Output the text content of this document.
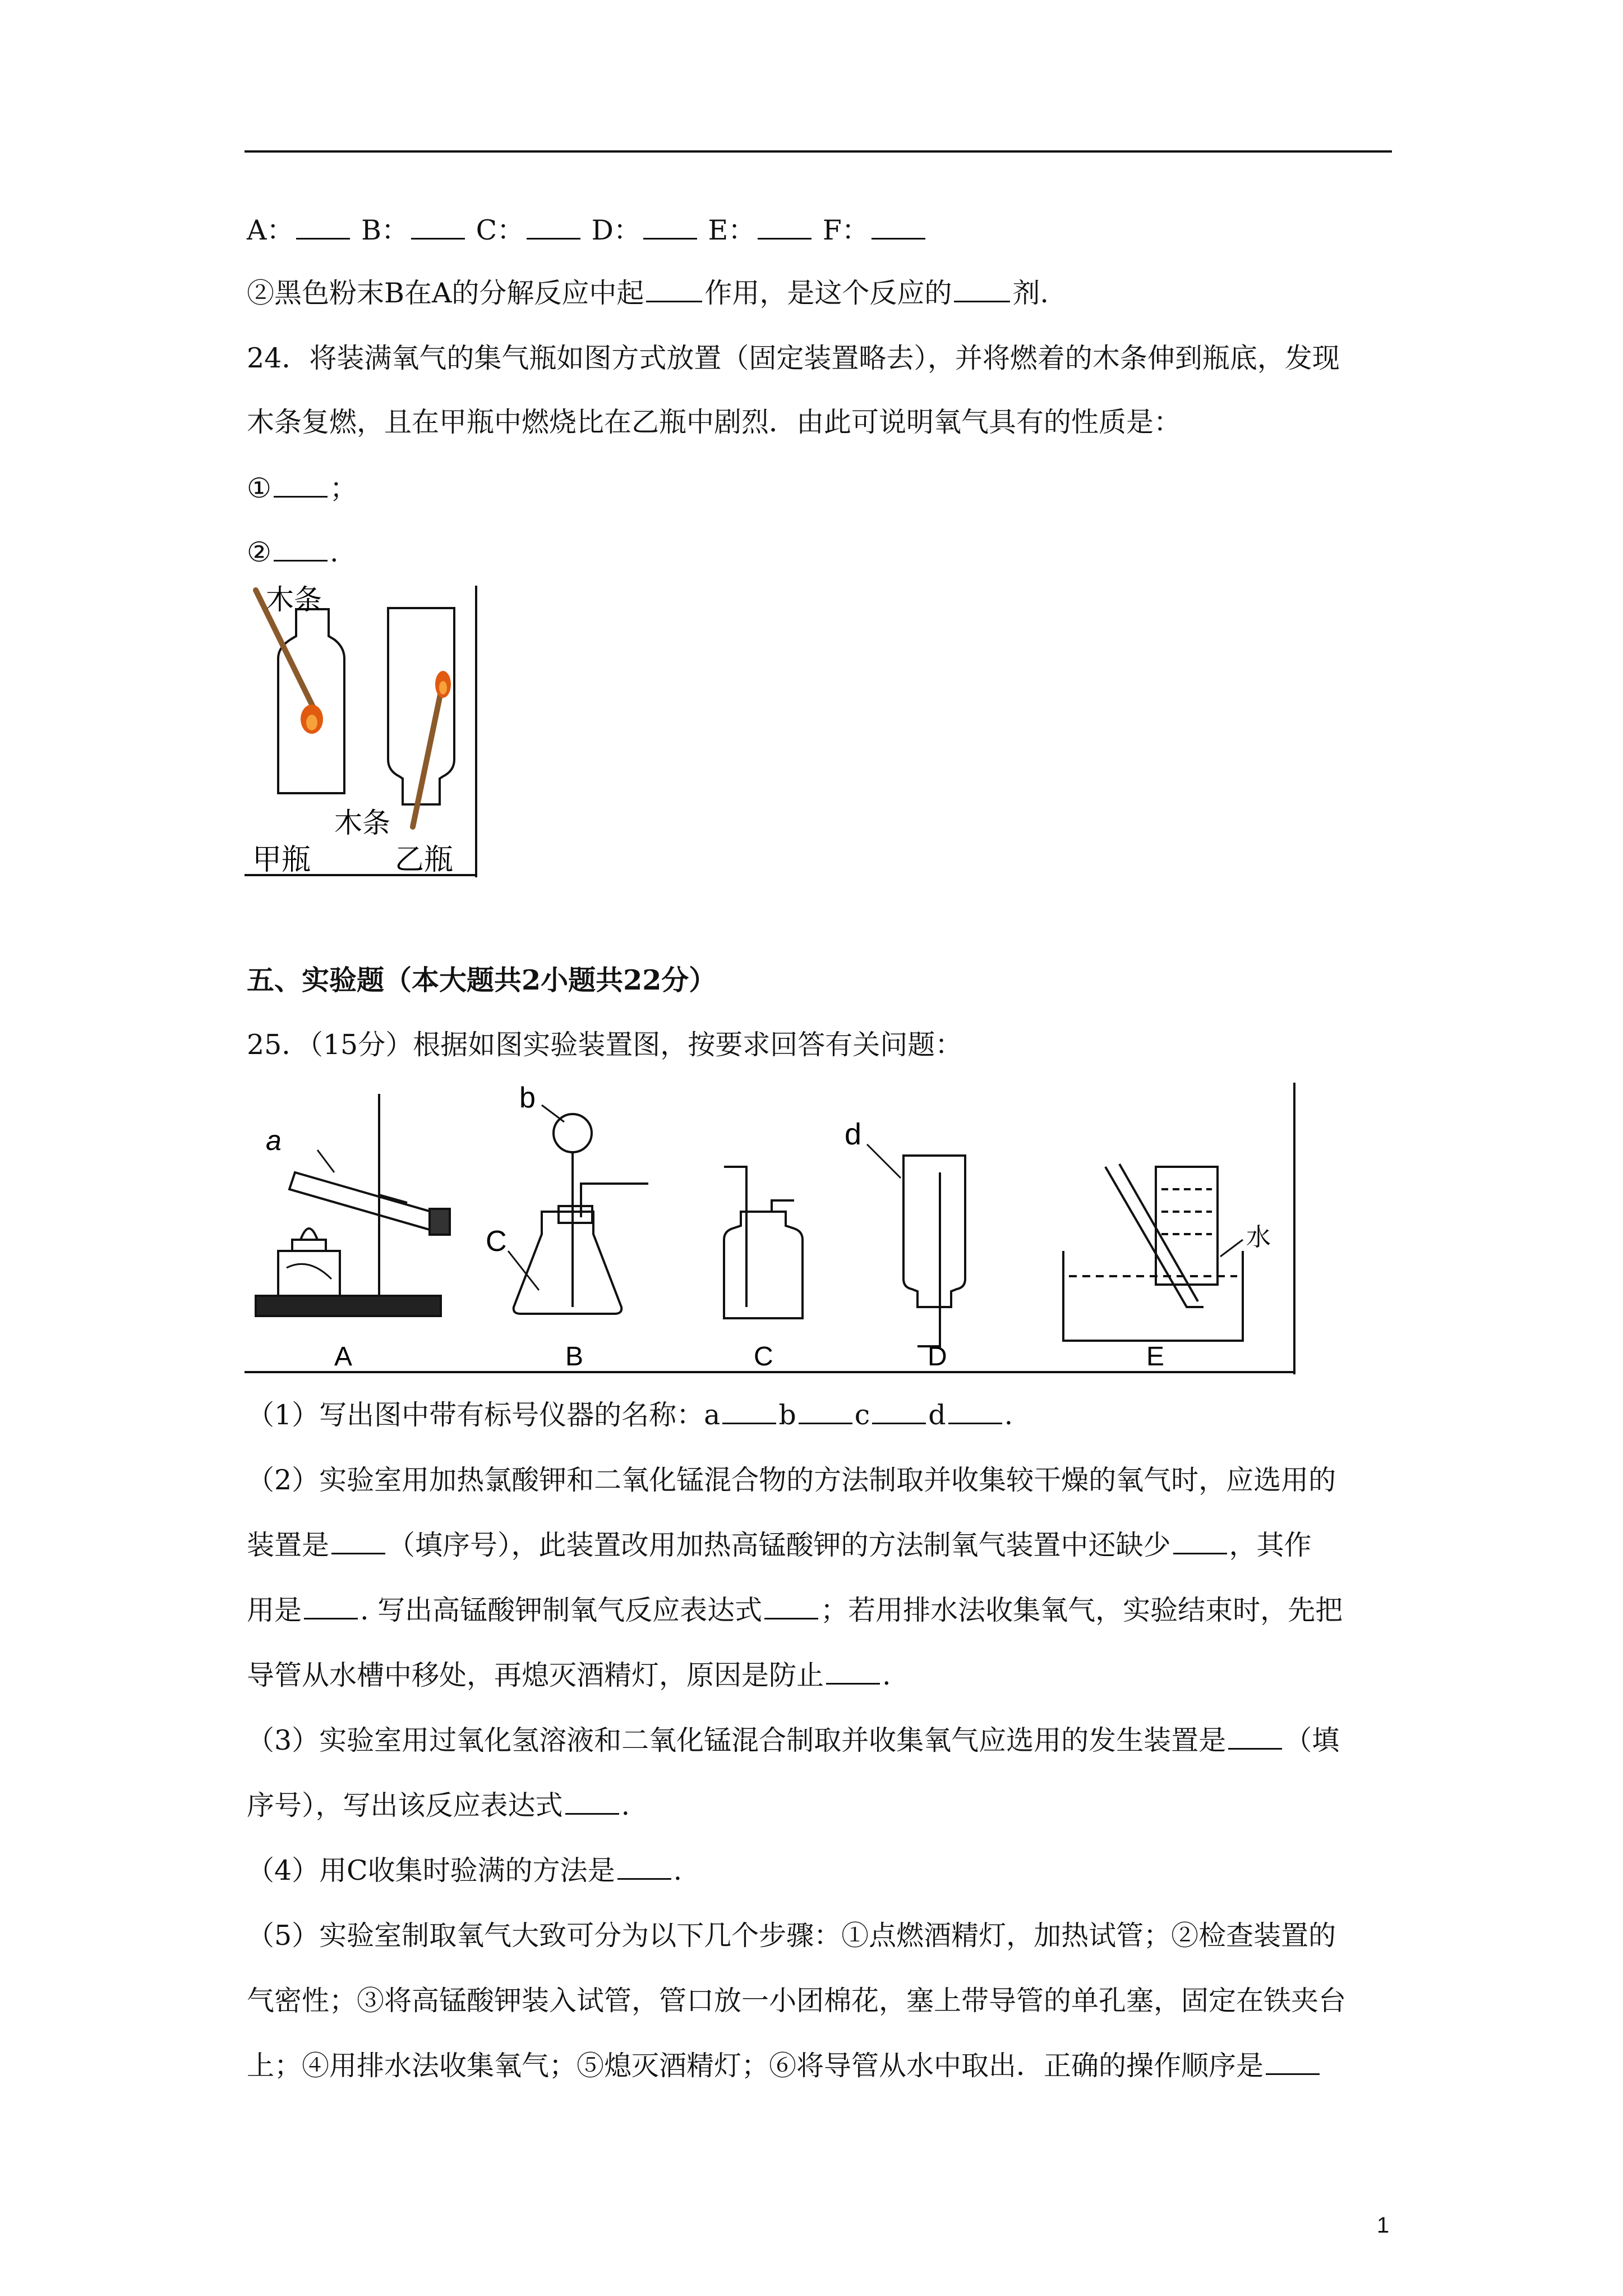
A： B： C： D： E： F：
②黑色粉末B在A的分解反应中起 作用，是这个反应的 剂.
24．将装满氧气的集气瓶如图方式放置（固定装置略去），并将燃着的木条伸到瓶底，发现
木条复燃，且在甲瓶中燃烧比在乙瓶中剧烈．由此可说明氧气具有的性质是：
① ；
② .
木条
木条
甲瓶	乙瓶
五、实验题（本大题共2小题共22分）
25．（15分）根据如图实验装置图，按要求回答有关问题：
a
b
C
d
水
A	B	C	D	E
（1）写出图中带有标号仪器的名称：a b c d .
（2）实验室用加热氯酸钾和二氧化锰混合物的方法制取并收集较干燥的氧气时，应选用的
装置是 （填序号），此装置改用加热高锰酸钾的方法制氧气装置中还缺少 ，其作
用是 . 写出高锰酸钾制氧气反应表达式 ；若用排水法收集氧气，实验结束时，先把
导管从水槽中移处，再熄灭酒精灯，原因是防止 .
（3）实验室用过氧化氢溶液和二氧化锰混合制取并收集氧气应选用的发生装置是 （填
序号），写出该反应表达式 .
（4）用C收集时验满的方法是 .
（5）实验室制取氧气大致可分为以下几个步骤：①点燃酒精灯，加热试管；②检查装置的
气密性；③将高锰酸钾装入试管，管口放一小团棉花，塞上带导管的单孔塞，固定在铁夹台
上；④用排水法收集氧气；⑤熄灭酒精灯；⑥将导管从水中取出．正确的操作顺序是
1
